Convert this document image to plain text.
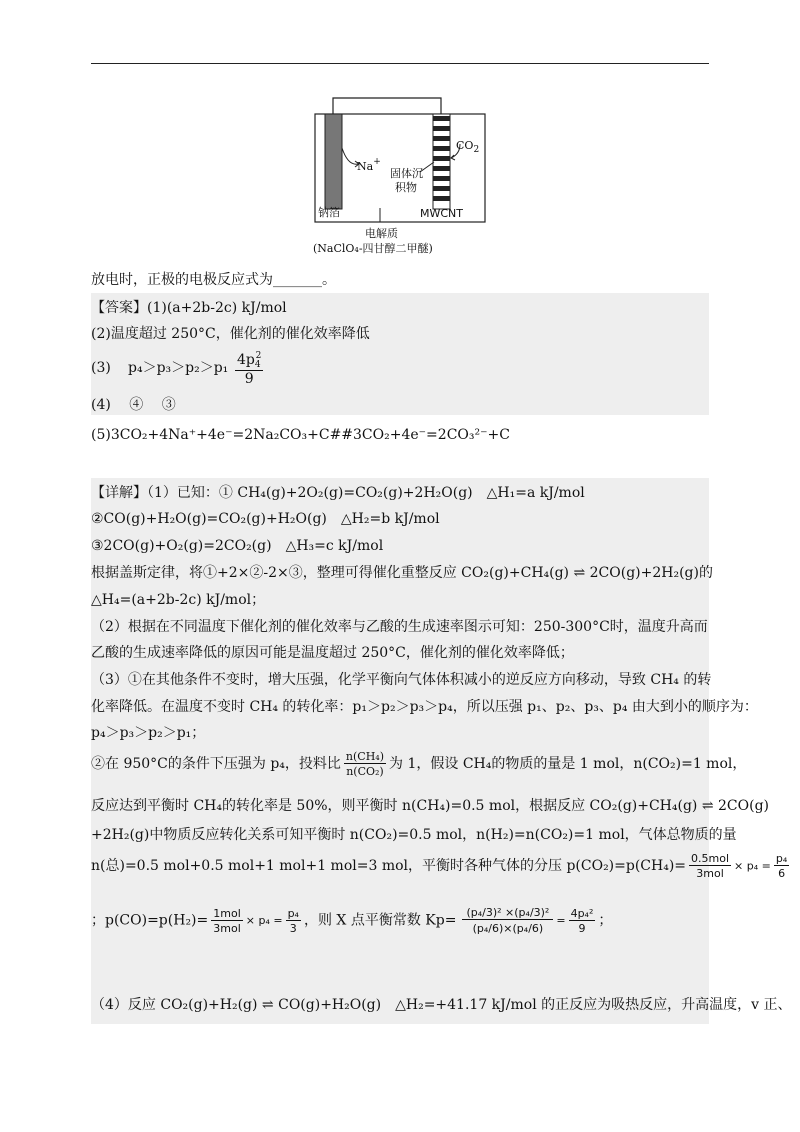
$CO_2$
Na+
固体沉
积物
钠箔	MWCNT
电解质
(NaClO₄-四甘醇二甲醚)
放电时，正极的电极反应式为_______。
【答案】(1)(a+2b-2c) kJ/mol
(2)温度超过 250°C，催化剂的催化效率降低
(3) $p_4>p_3>p_2>p_1 \frac{4p_4^2}{9}$
(4)　 ④　 ③
(5)3CO₂+4Na⁺+4e⁻=2Na₂CO₃+C##3CO₂+4e⁻=2CO₃²⁻+C
【详解】（1）已知：① CH₄(g)+2O₂(g)=CO₂(g)+2H₂O(g)　△H₁=a kJ/mol
②CO(g)+H₂O(g)=CO₂(g)+H₂O(g)　△H₂=b kJ/mol
③2CO(g)+O₂(g)=2CO₂(g)　△H₃=c kJ/mol
根据盖斯定律，将①+2×②-2×③，整理可得催化重整反应 CO₂(g)+CH₄(g) ⇌ 2CO(g)+2H₂(g)的
△H₄=(a+2b-2c) kJ/mol；
（2）根据在不同温度下催化剂的催化效率与乙酸的生成速率图示可知：250-300°C时，温度升高而
乙酸的生成速率降低的原因可能是温度超过 250°C，催化剂的催化效率降低；
（3）①在其他条件不变时，增大压强，化学平衡向气体体积减小的逆反应方向移动，导致 CH₄ 的转
化率降低。在温度不变时 CH₄ 的转化率：p₁＞p₂＞p₃＞p₄，所以压强 p₁、p₂、p₃、p₄ 由大到小的顺序为：
p₄＞p₃＞p₂＞p₁；
②在 950°C的条件下压强为 p₄，投料比 $\frac{\text{n(CH₄)}}{\text{n(CO₂)}}$ 为 1，假设 CH₄的物质的量是 1 mol，n(CO₂)=1 mol，
反应达到平衡时 CH₄的转化率是 50%，则平衡时 n(CH₄)=0.5 mol，根据反应 CO₂(g)+CH₄(g) ⇌ 2CO(g)
+2H₂(g)中物质反应转化关系可知平衡时 n(CO₂)=0.5 mol，n(H₂)=n(CO₂)=1 mol，气体总物质的量
n(总)=0.5 mol+0.5 mol+1 mol+1 mol=3 mol，平衡时各种气体的分压 $p(CO_2)=p(CH_4)= \frac{\text{0.5mol}}{\text{3mol}} \times p_4 = \frac{\text{p₄}}{6}$
；$p(CO)=p(H_2)= \frac{\text{1mol}}{\text{3mol}} \times p_4 = \frac{\text{p₄}}{3}$ ，则 X 点平衡常数 $Kp= \frac{\text{(p₄/3)² ×(p₄/3)²}}{\text{(p₄/6)×(p₄/6)}} = \frac{\text{4p₄²}}{9}$ ；
（4）反应 CO₂(g)+H₂(g) ⇌ CO(g)+H₂O(g)　△H₂=+41.17 kJ/mol 的正反应为吸热反应，升高温度，v 正、
